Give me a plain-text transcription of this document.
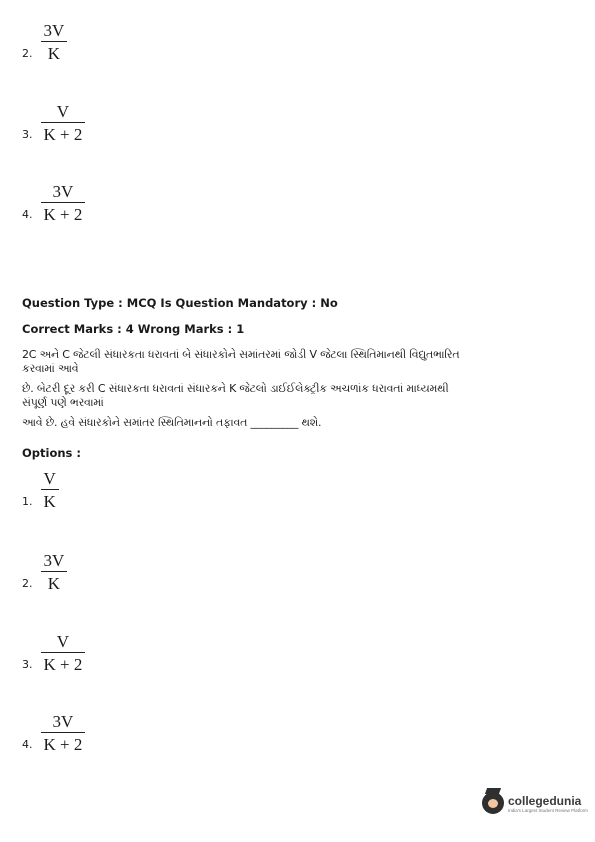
2. $\frac{3V}{K}$
3. $\frac{V}{K + 2}$
4. $\frac{3V}{K + 2}$
Question Type : MCQ Is Question Mandatory : No
Correct Marks : 4 Wrong Marks : 1
2C અને C જેટલી સંધારકતા ધરાવતાં બે સંધારકોને સમાંતરમાં જોડી V જેટલા સ્થિતિમાનથી વિદ્યુતભારિત કરવામાં આવે
છે. બેટરી દૂર કરી C સંધારકતા ધરાવતાં સંધારકને K જેટલો ડાઈઈલેક્ટ્રીક અચળાંક ધરાવતાં માધ્યમથી સંપૂર્ણ પણે ભરવામાં
આવે છે. હવે સંધારકોને સમાંતર સ્થિતિમાનનો તફાવત _________ થશે.
Options :
1. $\frac{V}{K}$
2. $\frac{3V}{K}$
3. $\frac{V}{K + 2}$
4. $\frac{3V}{K + 2}$
collegedunia
India's Largest Student Review Platform
